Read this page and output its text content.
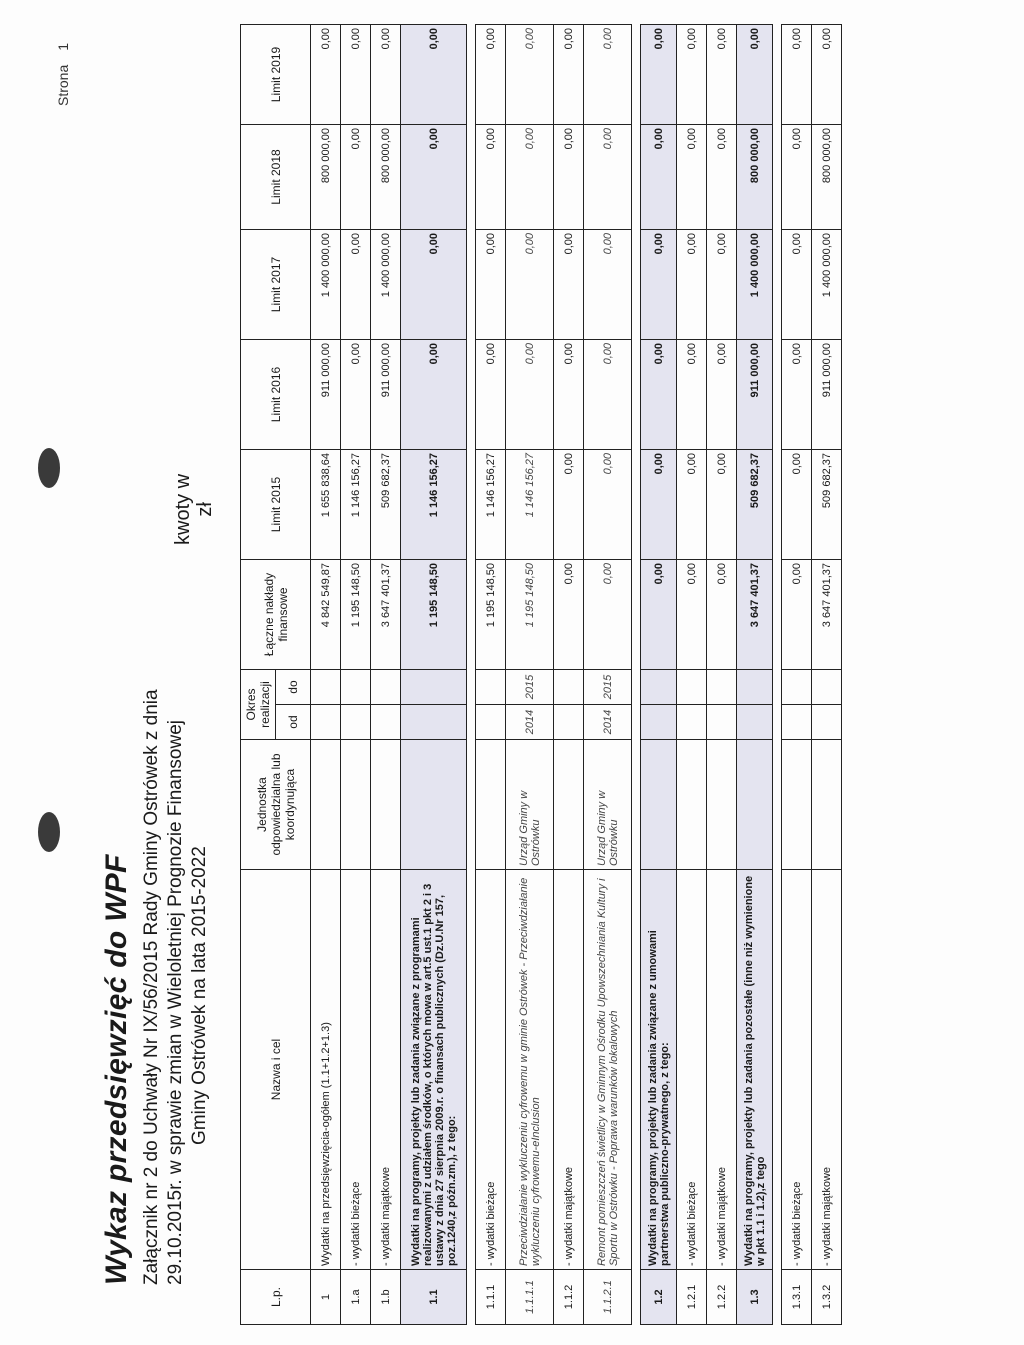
Strona1
Wykaz przedsięwzięć do WPF Załącznik nr 2 do Uchwały Nr IX/56/2015 Rady Gminy Ostrówek z dnia 29.10.2015r. w sprawie zmian w Wieloletniej Prognozie Finansowej Gminy Ostrówek na lata 2015-2022
kwoty w zł
L.p.	Nazwa i cel	Jednostka odpowiedzialna lub koordynująca	Okres realizacji		Łączne nakłady finansowe	Limit 2015	Limit 2016	Limit 2017	Limit 2018	Limit 2019
			od	do						
1	Wydatki na przedsięwzięcia-ogółem (1.1+1.2+1.3)				4 842 549,87	1 655 838,64	911 000,00	1 400 000,00	800 000,00	0,00
1.a	- wydatki bieżące				1 195 148,50	1 146 156,27	0,00	0,00	0,00	0,00
1.b	- wydatki majątkowe				3 647 401,37	509 682,37	911 000,00	1 400 000,00	800 000,00	0,00
1.1	Wydatki na programy, projekty lub zadania związane z programami realizowanymi z udziałem środków, o których mowa w art.5 ust.1 pkt 2 i 3 ustawy z dnia 27 sierpnia 2009.r. o finansach publicznych (Dz.U.Nr 157, poz.1240,z późn.zm.), z tego:				1 195 148,50	1 146 156,27	0,00	0,00	0,00	0,00

1.1.1	- wydatki bieżące				1 195 148,50	1 146 156,27	0,00	0,00	0,00	0,00
1.1.1.1	Przeciwdziałanie wykluczeniu cyfrowemu w gminie Ostrówek - Przeciwdziałanie wykluczeniu cyfrowemu-eInclusion	Urząd Gminy w Ostrówku	2014	2015	1 195 148,50	1 146 156,27	0,00	0,00	0,00	0,00
1.1.2	- wydatki majątkowe				0,00	0,00	0,00	0,00	0,00	0,00
1.1.2.1	Remont pomieszczeń świetlicy w Gminnym Ośrodku Upowszechniania Kultury i Sportu w Ostrówku - Poprawa warunków lokalowych	Urząd Gminy w Ostrówku	2014	2015	0,00	0,00	0,00	0,00	0,00	0,00

1.2	Wydatki na programy, projekty lub zadania związane z umowami partnerstwa publiczno-prywatnego, z tego:				0,00	0,00	0,00	0,00	0,00	0,00
1.2.1	- wydatki bieżące				0,00	0,00	0,00	0,00	0,00	0,00
1.2.2	- wydatki majątkowe				0,00	0,00	0,00	0,00	0,00	0,00
1.3	Wydatki na programy, projekty lub zadania pozostałe (inne niż wymienione w pkt 1.1 i 1.2),z tego				3 647 401,37	509 682,37	911 000,00	1 400 000,00	800 000,00	0,00

1.3.1	- wydatki bieżące				0,00	0,00	0,00	0,00	0,00	0,00
1.3.2	- wydatki majątkowe				3 647 401,37	509 682,37	911 000,00	1 400 000,00	800 000,00	0,00
